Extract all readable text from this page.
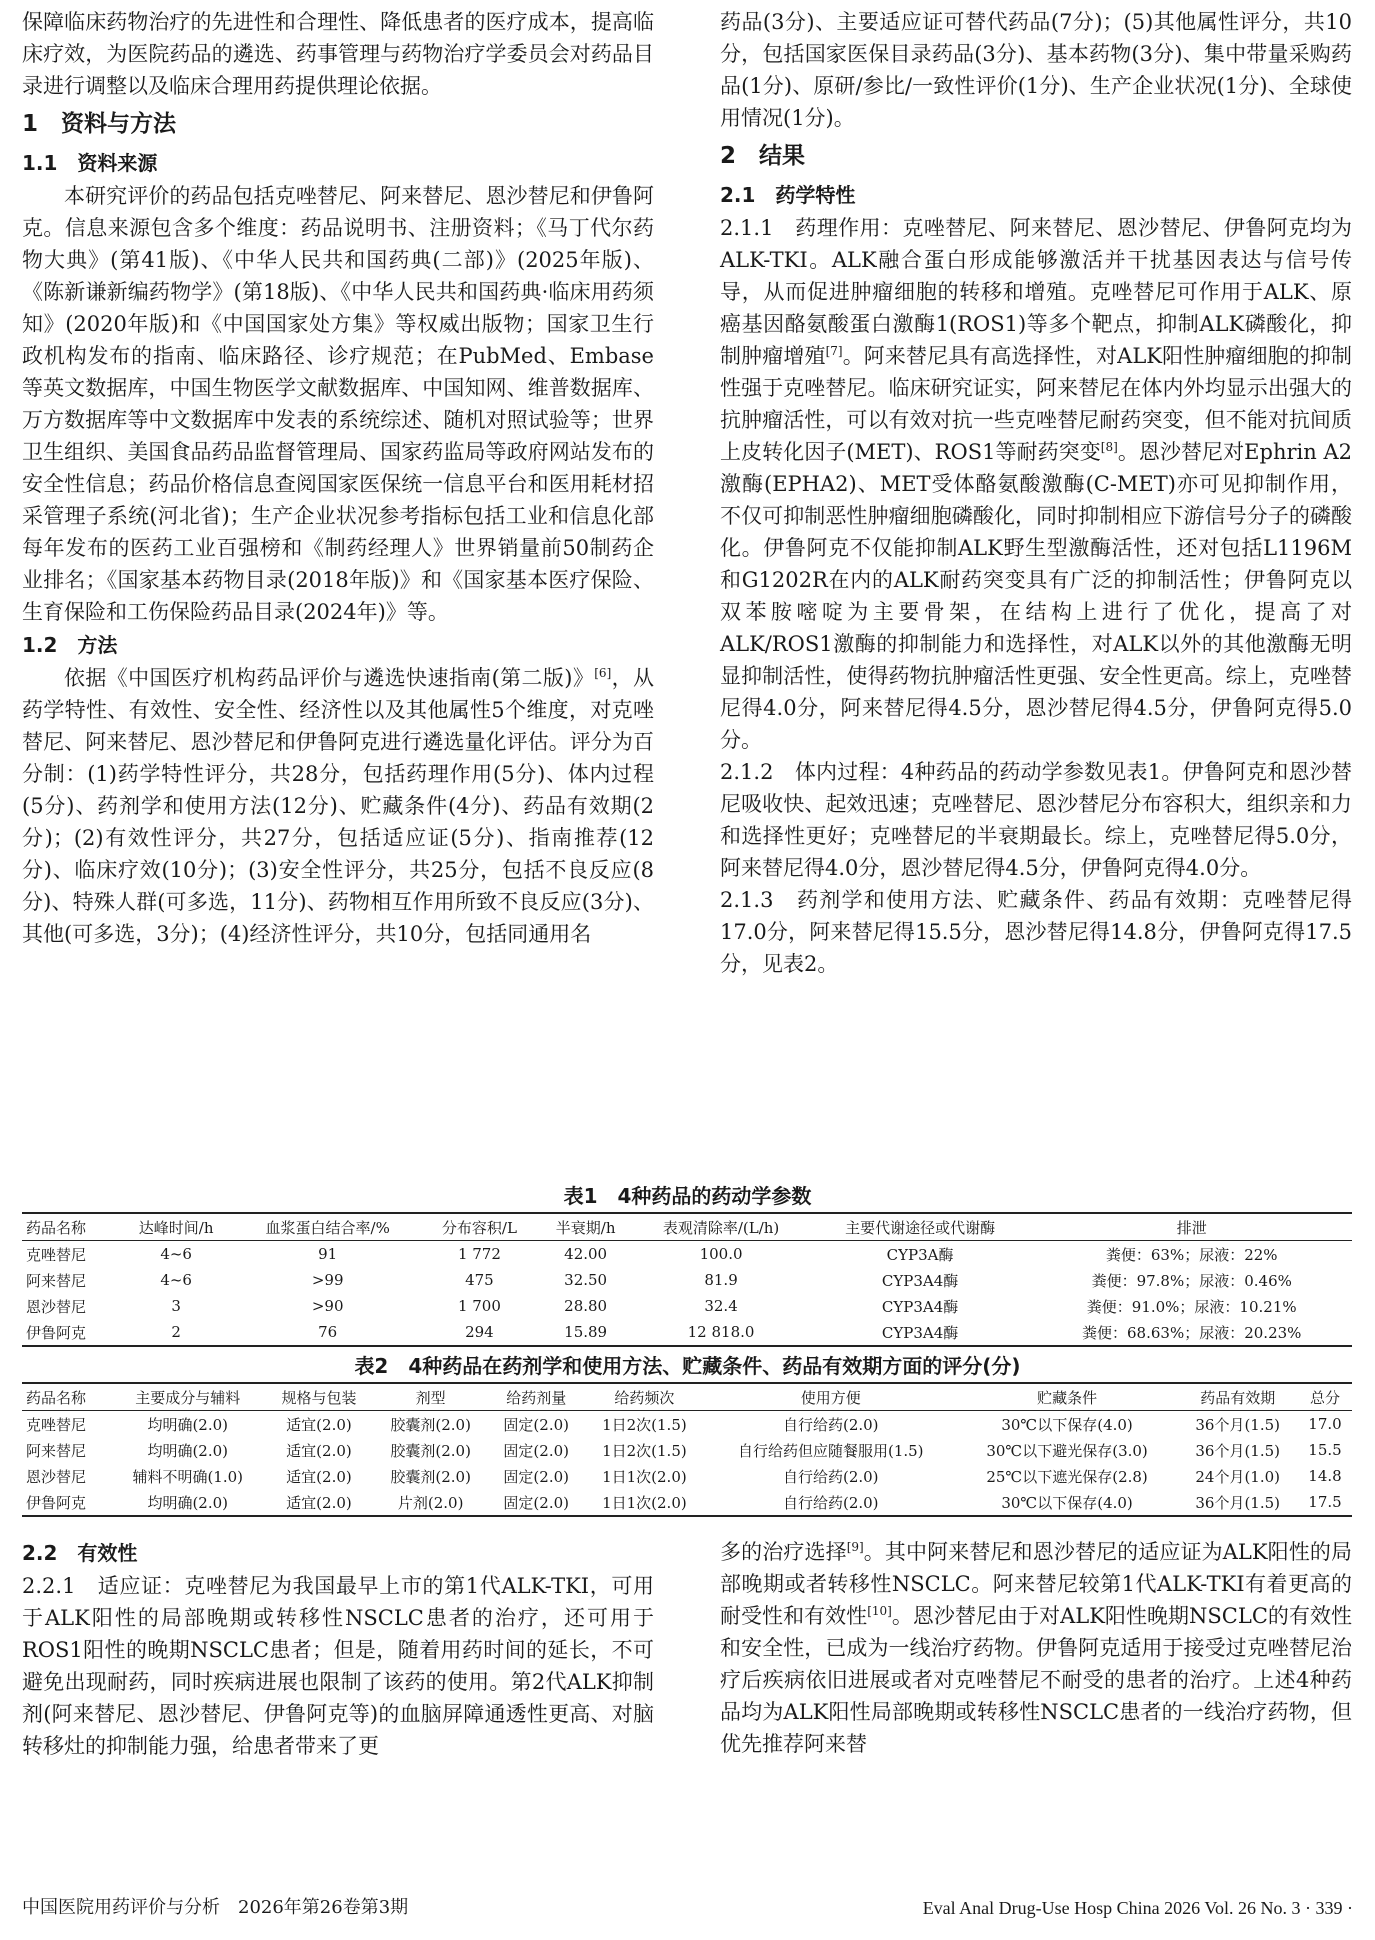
保障临床药物治疗的先进性和合理性、降低患者的医疗成本，提高临床疗效，为医院药品的遴选、药事管理与药物治疗学委员会对药品目录进行调整以及临床合理用药提供理论依据。

1　资料与方法
1.1　资料来源

本研究评价的药品包括克唑替尼、阿来替尼、恩沙替尼和伊鲁阿克。信息来源包含多个维度：药品说明书、注册资料；《马丁代尔药物大典》(第41版)、《中华人民共和国药典(二部)》(2025年版)、《陈新谦新编药物学》(第18版)、《中华人民共和国药典·临床用药须知》(2020年版)和《中国国家处方集》等权威出版物；国家卫生行政机构发布的指南、临床路径、诊疗规范；在PubMed、Embase等英文数据库，中国生物医学文献数据库、中国知网、维普数据库、万方数据库等中文数据库中发表的系统综述、随机对照试验等；世界卫生组织、美国食品药品监督管理局、国家药监局等政府网站发布的安全性信息；药品价格信息查阅国家医保统一信息平台和医用耗材招采管理子系统(河北省)；生产企业状况参考指标包括工业和信息化部每年发布的医药工业百强榜和《制药经理人》世界销量前50制药企业排名；《国家基本药物目录(2018年版)》和《国家基本医疗保险、生育保险和工伤保险药品目录(2024年)》等。

1.2　方法

依据《中国医疗机构药品评价与遴选快速指南(第二版)》[6]，从药学特性、有效性、安全性、经济性以及其他属性5个维度，对克唑替尼、阿来替尼、恩沙替尼和伊鲁阿克进行遴选量化评估。评分为百分制：(1)药学特性评分，共28分，包括药理作用(5分)、体内过程(5分)、药剂学和使用方法(12分)、贮藏条件(4分)、药品有效期(2分)；(2)有效性评分，共27分，包括适应证(5分)、指南推荐(12分)、临床疗效(10分)；(3)安全性评分，共25分，包括不良反应(8分)、特殊人群(可多选，11分)、药物相互作用所致不良反应(3分)、其他(可多选，3分)；(4)经济性评分，共10分，包括同通用名

药品(3分)、主要适应证可替代药品(7分)；(5)其他属性评分，共10分，包括国家医保目录药品(3分)、基本药物(3分)、集中带量采购药品(1分)、原研/参比/一致性评价(1分)、生产企业状况(1分)、全球使用情况(1分)。

2　结果
2.1　药学特性

2.1.1　药理作用：克唑替尼、阿来替尼、恩沙替尼、伊鲁阿克均为ALK-TKI。ALK融合蛋白形成能够激活并干扰基因表达与信号传导，从而促进肿瘤细胞的转移和增殖。克唑替尼可作用于ALK、原癌基因酪氨酸蛋白激酶1(ROS1)等多个靶点，抑制ALK磷酸化，抑制肿瘤增殖[7]。阿来替尼具有高选择性，对ALK阳性肿瘤细胞的抑制性强于克唑替尼。临床研究证实，阿来替尼在体内外均显示出强大的抗肿瘤活性，可以有效对抗一些克唑替尼耐药突变，但不能对抗间质上皮转化因子(MET)、ROS1等耐药突变[8]。恩沙替尼对Ephrin A2激酶(EPHA2)、MET受体酪氨酸激酶(C-MET)亦可见抑制作用，不仅可抑制恶性肿瘤细胞磷酸化，同时抑制相应下游信号分子的磷酸化。伊鲁阿克不仅能抑制ALK野生型激酶活性，还对包括L1196M和G1202R在内的ALK耐药突变具有广泛的抑制活性；伊鲁阿克以双苯胺嘧啶为主要骨架，在结构上进行了优化，提高了对ALK/ROS1激酶的抑制能力和选择性，对ALK以外的其他激酶无明显抑制活性，使得药物抗肿瘤活性更强、安全性更高。综上，克唑替尼得4.0分，阿来替尼得4.5分，恩沙替尼得4.5分，伊鲁阿克得5.0分。

2.1.2　体内过程：4种药品的药动学参数见表1。伊鲁阿克和恩沙替尼吸收快、起效迅速；克唑替尼、恩沙替尼分布容积大，组织亲和力和选择性更好；克唑替尼的半衰期最长。综上，克唑替尼得5.0分，阿来替尼得4.0分，恩沙替尼得4.5分，伊鲁阿克得4.0分。

2.1.3　药剂学和使用方法、贮藏条件、药品有效期：克唑替尼得17.0分，阿来替尼得15.5分，恩沙替尼得14.8分，伊鲁阿克得17.5分，见表2。

表1　4种药品的药动学参数
药品名称	达峰时间/h	血浆蛋白结合率/%	分布容积/L	半衰期/h	表观清除率/(L/h)	主要代谢途径或代谢酶	排泄
克唑替尼	4~6	91	1 772	42.00	100.0	CYP3A酶	粪便：63%；尿液：22%
阿来替尼	4~6	>99	475	32.50	81.9	CYP3A4酶	粪便：97.8%；尿液：0.46%
恩沙替尼	3	>90	1 700	28.80	32.4	CYP3A4酶	粪便：91.0%；尿液：10.21%
伊鲁阿克	2	76	294	15.89	12 818.0	CYP3A4酶	粪便：68.63%；尿液：20.23%
表2　4种药品在药剂学和使用方法、贮藏条件、药品有效期方面的评分(分)
药品名称	主要成分与辅料	规格与包装	剂型	给药剂量	给药频次	使用方便	贮藏条件	药品有效期	总分
克唑替尼	均明确(2.0)	适宜(2.0)	胶囊剂(2.0)	固定(2.0)	1日2次(1.5)	自行给药(2.0)	30℃以下保存(4.0)	36个月(1.5)	17.0
阿来替尼	均明确(2.0)	适宜(2.0)	胶囊剂(2.0)	固定(2.0)	1日2次(1.5)	自行给药但应随餐服用(1.5)	30℃以下避光保存(3.0)	36个月(1.5)	15.5
恩沙替尼	辅料不明确(1.0)	适宜(2.0)	胶囊剂(2.0)	固定(2.0)	1日1次(2.0)	自行给药(2.0)	25℃以下遮光保存(2.8)	24个月(1.0)	14.8
伊鲁阿克	均明确(2.0)	适宜(2.0)	片剂(2.0)	固定(2.0)	1日1次(2.0)	自行给药(2.0)	30℃以下保存(4.0)	36个月(1.5)	17.5
2.2　有效性

2.2.1　适应证：克唑替尼为我国最早上市的第1代ALK-TKI，可用于ALK阳性的局部晚期或转移性NSCLC患者的治疗，还可用于ROS1阳性的晚期NSCLC患者；但是，随着用药时间的延长，不可避免出现耐药，同时疾病进展也限制了该药的使用。第2代ALK抑制剂(阿来替尼、恩沙替尼、伊鲁阿克等)的血脑屏障通透性更高、对脑转移灶的抑制能力强，给患者带来了更

多的治疗选择[9]。其中阿来替尼和恩沙替尼的适应证为ALK阳性的局部晚期或者转移性NSCLC。阿来替尼较第1代ALK-TKI有着更高的耐受性和有效性[10]。恩沙替尼由于对ALK阳性晚期NSCLC的有效性和安全性，已成为一线治疗药物。伊鲁阿克适用于接受过克唑替尼治疗后疾病依旧进展或者对克唑替尼不耐受的患者的治疗。上述4种药品均为ALK阳性局部晚期或转移性NSCLC患者的一线治疗药物，但优先推荐阿来替

中国医院用药评价与分析　2026年第26卷第3期	Eval Anal Drug-Use Hosp China 2026 Vol. 26 No. 3 · 339 ·
